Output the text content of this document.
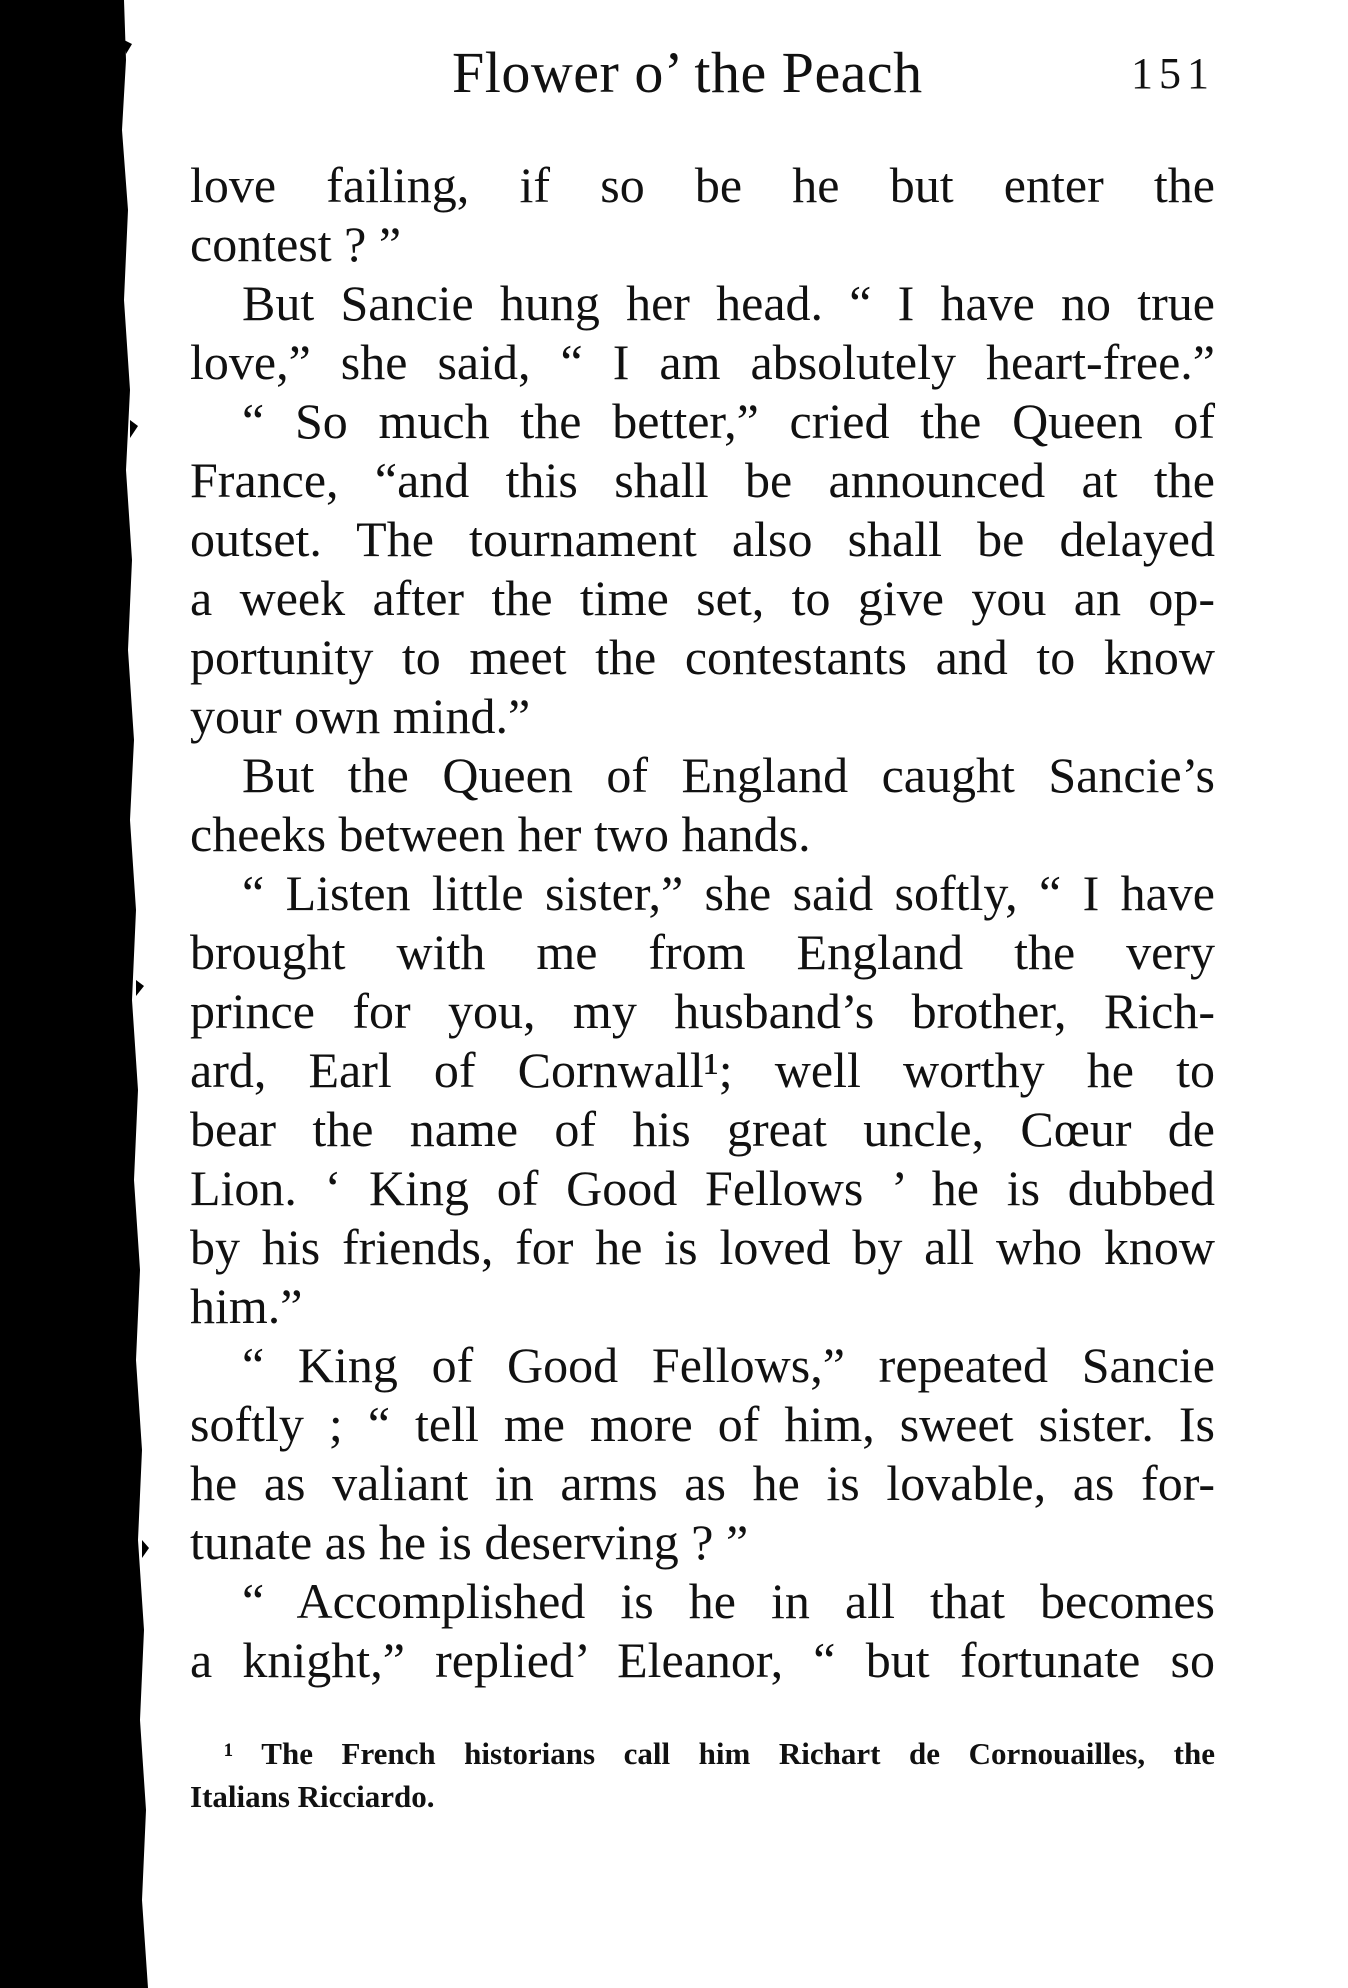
Flower o’ the Peach	151
love failing, if so be he but enter the
contest ? ”
But Sancie hung her head. “ I have no true
love,” she said, “ I am absolutely heart-free.”
“ So much the better,” cried the Queen of
France, “and this shall be announced at the
outset. The tournament also shall be delayed
a week after the time set, to give you an op-
portunity to meet the contestants and to know
your own mind.”
But the Queen of England caught Sancie’s
cheeks between her two hands.
“ Listen little sister,” she said softly, “ I have
brought with me from England the very
prince for you, my husband’s brother, Rich-
ard, Earl of Cornwall¹; well worthy he to
bear the name of his great uncle, Cœur de
Lion. ‘ King of Good Fellows ’ he is dubbed
by his friends, for he is loved by all who know
him.”
“ King of Good Fellows,” repeated Sancie
softly ; “ tell me more of him, sweet sister. Is
he as valiant in arms as he is lovable, as for-
tunate as he is deserving ? ”
“ Accomplished is he in all that becomes
a knight,” replied’ Eleanor, “ but fortunate so
¹ The French historians call him Richart de Cornouailles, the
Italians Ricciardo.
